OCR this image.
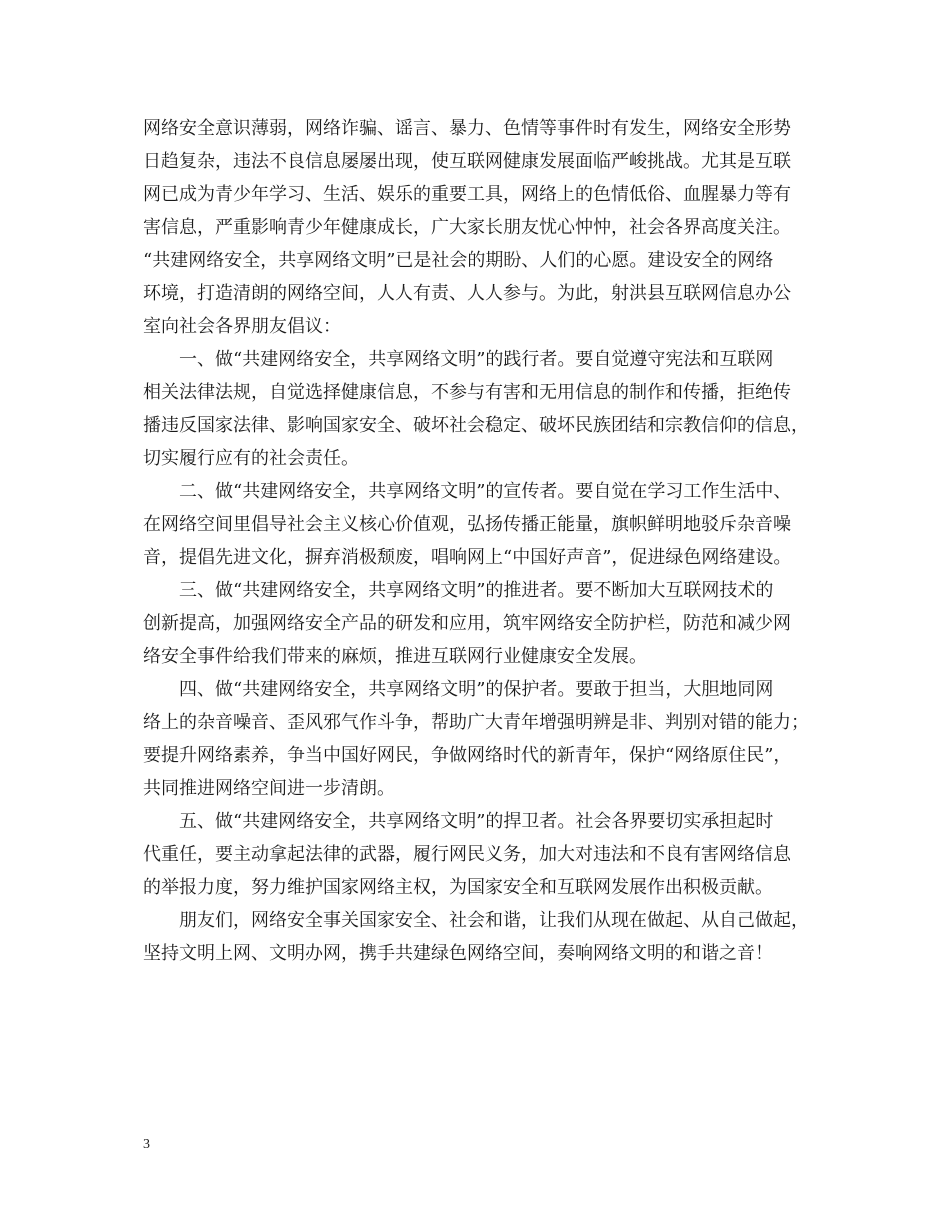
网络安全意识薄弱，网络诈骗、谣言、暴力、色情等事件时有发生，网络安全形势
日趋复杂，违法不良信息屡屡出现，使互联网健康发展面临严峻挑战。尤其是互联
网已成为青少年学习、生活、娱乐的重要工具，网络上的色情低俗、血腥暴力等有
害信息，严重影响青少年健康成长，广大家长朋友忧心忡忡，社会各界高度关注。
“共建网络安全，共享网络文明”已是社会的期盼、人们的心愿。建设安全的网络
环境，打造清朗的网络空间，人人有责、人人参与。为此，射洪县互联网信息办公
室向社会各界朋友倡议：
一、做“共建网络安全，共享网络文明”的践行者。要自觉遵守宪法和互联网
相关法律法规，自觉选择健康信息，不参与有害和无用信息的制作和传播，拒绝传
播违反国家法律、影响国家安全、破坏社会稳定、破坏民族团结和宗教信仰的信息，
切实履行应有的社会责任。
二、做“共建网络安全，共享网络文明”的宣传者。要自觉在学习工作生活中、
在网络空间里倡导社会主义核心价值观，弘扬传播正能量，旗帜鲜明地驳斥杂音噪
音，提倡先进文化，摒弃消极颓废，唱响网上“中国好声音”，促进绿色网络建设。
三、做“共建网络安全，共享网络文明”的推进者。要不断加大互联网技术的
创新提高，加强网络安全产品的研发和应用，筑牢网络安全防护栏，防范和减少网
络安全事件给我们带来的麻烦，推进互联网行业健康安全发展。
四、做“共建网络安全，共享网络文明”的保护者。要敢于担当，大胆地同网
络上的杂音噪音、歪风邪气作斗争，帮助广大青年增强明辨是非、判别对错的能力；
要提升网络素养，争当中国好网民，争做网络时代的新青年，保护“网络原住民”，
共同推进网络空间进一步清朗。
五、做“共建网络安全，共享网络文明”的捍卫者。社会各界要切实承担起时
代重任，要主动拿起法律的武器，履行网民义务，加大对违法和不良有害网络信息
的举报力度，努力维护国家网络主权，为国家安全和互联网发展作出积极贡献。
朋友们，网络安全事关国家安全、社会和谐，让我们从现在做起、从自己做起，
坚持文明上网、文明办网，携手共建绿色网络空间，奏响网络文明的和谐之音！
3
